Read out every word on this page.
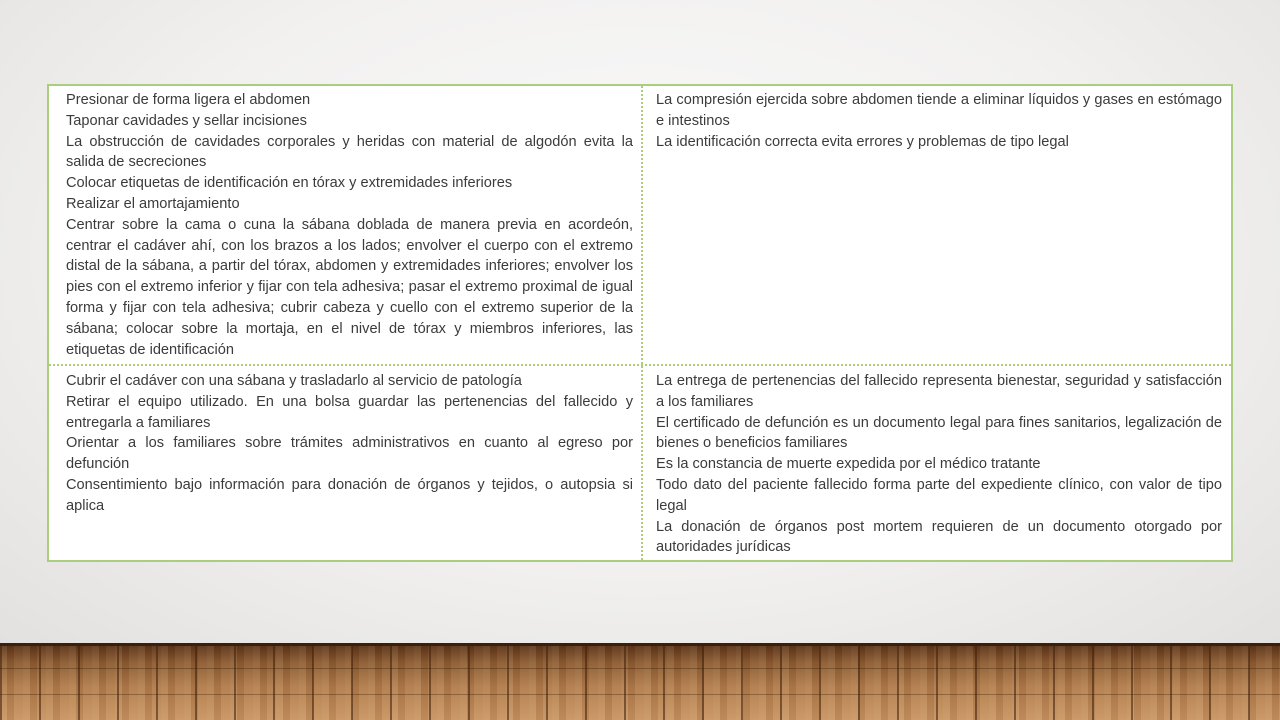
Presionar de forma ligera el abdomen

Taponar cavidades y sellar incisiones

La obstrucción de cavidades corporales y heridas con material de algodón evita la salida de secreciones

Colocar etiquetas de identificación en tórax y extremidades inferiores

Realizar el amortajamiento

Centrar sobre la cama o cuna la sábana doblada de manera previa en acordeón, centrar el cadáver ahí, con los brazos a los lados; envolver el cuerpo con el extremo distal de la sábana, a partir del tórax, abdomen y extremidades inferiores; envolver los pies con el extremo inferior y fijar con tela adhesiva; pasar el extremo proximal de igual forma y fijar con tela adhesiva; cubrir cabeza y cuello con el extremo superior de la sábana; colocar sobre la mortaja, en el nivel de tórax y miembros inferiores, las etiquetas de identificación

La compresión ejercida sobre abdomen tiende a eliminar líquidos y gases en estómago e intestinos

La identificación correcta evita errores y problemas de tipo legal

Cubrir el cadáver con una sábana y trasladarlo al servicio de patología

Retirar el equipo utilizado. En una bolsa guardar las pertenencias del fallecido y entregarla a familiares

Orientar a los familiares sobre trámites administrativos en cuanto al egreso por defunción

Consentimiento bajo información para donación de órganos y tejidos, o autopsia si aplica

La entrega de pertenencias del fallecido representa bienestar, seguridad y satisfacción a los familiares

El certificado de defunción es un documento legal para fines sanitarios, legalización de bienes o beneficios familiares

Es la constancia de muerte expedida por el médico tratante

Todo dato del paciente fallecido forma parte del expediente clínico, con valor de tipo legal

La donación de órganos post mortem requieren de un documento otorgado por autoridades jurídicas
